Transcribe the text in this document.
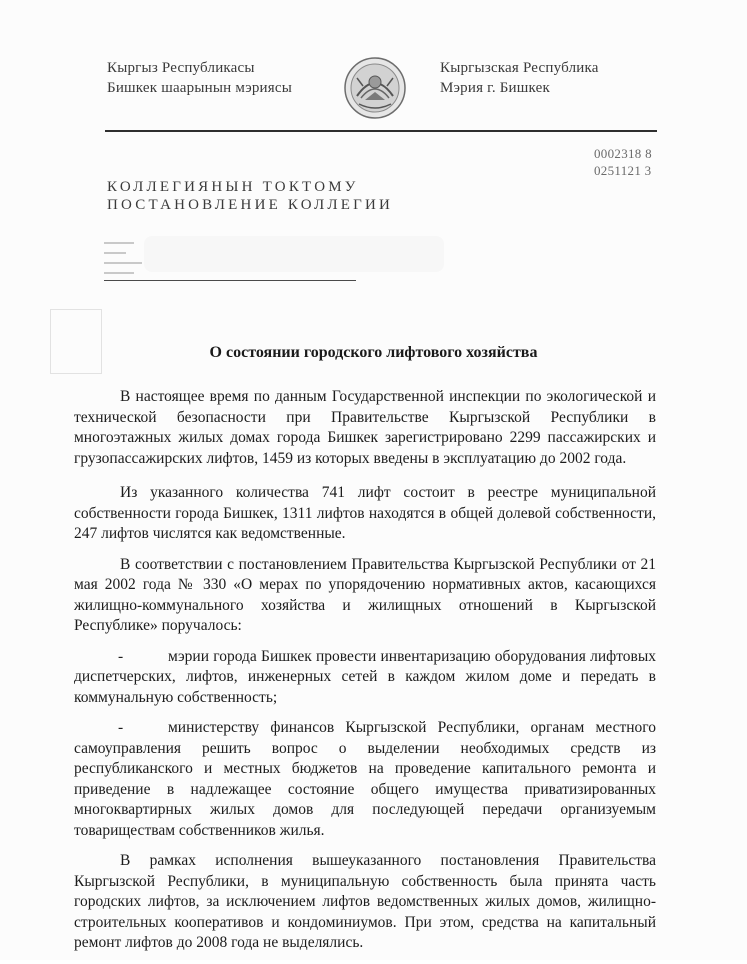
Кыргыз Республикасы
Бишкек шаарынын мэриясы
Кыргызская Республика
Мэрия г. Бишкек
0002318 8
0251121 3
КОЛЛЕГИЯНЫН ТОКТОМУ
ПОСТАНОВЛЕНИЕ КОЛЛЕГИИ
О состоянии городского лифтового хозяйства

В настоящее время по данным Государственной инспекции по экологической и технической безопасности при Правительстве Кыргызской Республики в многоэтажных жилых домах города Бишкек зарегистрировано 2299 пассажирских и грузопассажирских лифтов, 1459 из которых введены в эксплуатацию до 2002 года.

Из указанного количества 741 лифт состоит в реестре муниципальной собственности города Бишкек, 1311 лифтов находятся в общей долевой собственности, 247 лифтов числятся как ведомственные.

В соответствии с постановлением Правительства Кыргызской Республики от 21 мая 2002 года № 330 «О мерах по упорядочению нормативных актов, касающихся жилищно-коммунального хозяйства и жилищных отношений в Кыргызской Республике» поручалось:

-	мэрии города Бишкек провести инвентаризацию оборудования лифтовых диспетчерских, лифтов, инженерных сетей в каждом жилом доме и передать в коммунальную собственность;

-	министерству финансов Кыргызской Республики, органам местного самоуправления решить вопрос о выделении необходимых средств из республиканского и местных бюджетов на проведение капитального ремонта и приведение в надлежащее состояние общего имущества приватизированных многоквартирных жилых домов для последующей передачи организуемым товариществам собственников жилья.

В рамках исполнения вышеуказанного постановления Правительства Кыргызской Республики, в муниципальную собственность была принята часть городских лифтов, за исключением лифтов ведомственных жилых домов, жилищно-строительных кооперативов и кондоминиумов. При этом, средства на капитальный ремонт лифтов до 2008 года не выделялись.
